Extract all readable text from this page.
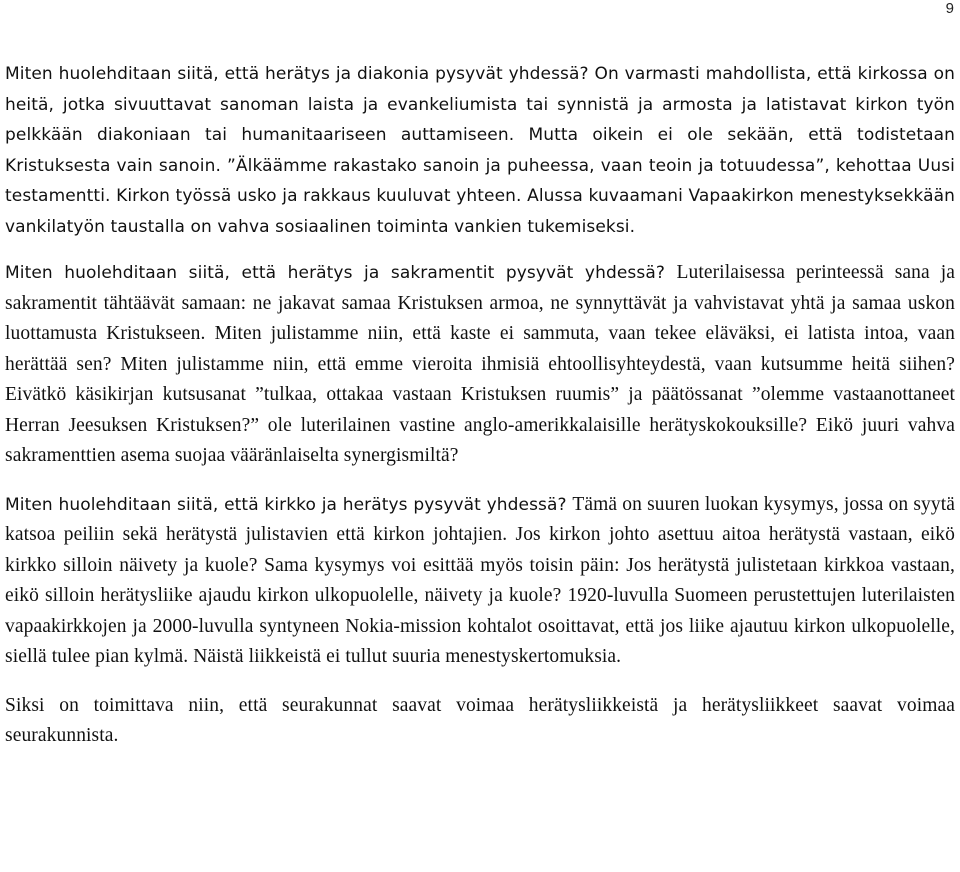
9

Miten huolehditaan siitä, että herätys ja diakonia pysyvät yhdessä? On varmasti mahdollista, että kirkossa on heitä, jotka sivuuttavat sanoman laista ja evankeliumista tai synnistä ja armosta ja latistavat kirkon työn pelkkään diakoniaan tai humanitaariseen auttamiseen. Mutta oikein ei ole sekään, että todistetaan Kristuksesta vain sanoin. ”Älkäämme rakastako sanoin ja puheessa, vaan teoin ja totuudessa”, kehottaa Uusi testamentti. Kirkon työssä usko ja rakkaus kuuluvat yhteen. Alussa kuvaamani Vapaakirkon menestyksekkään vankilatyön taustalla on vahva sosiaalinen toiminta vankien tukemiseksi.

Miten huolehditaan siitä, että herätys ja sakramentit pysyvät yhdessä? Luterilaisessa perinteessä sana ja sakramentit tähtäävät samaan: ne jakavat samaa Kristuksen armoa, ne synnyttävät ja vahvistavat yhtä ja samaa uskon luottamusta Kristukseen. Miten julistamme niin, että kaste ei sammuta, vaan tekee eläväksi, ei latista intoa, vaan herättää sen? Miten julistamme niin, että emme vieroita ihmisiä ehtoollisyhteydestä, vaan kutsumme heitä siihen? Eivätkö käsikirjan kutsusanat ”tulkaa, ottakaa vastaan Kristuksen ruumis” ja päätössanat ”olemme vastaanottaneet Herran Jeesuksen Kristuksen?” ole luterilainen vastine anglo-amerikkalaisille herätyskokouksille? Eikö juuri vahva sakramenttien asema suojaa vääränlaiselta synergismiltä?

Miten huolehditaan siitä, että kirkko ja herätys pysyvät yhdessä? Tämä on suuren luokan kysymys, jossa on syytä katsoa peiliin sekä herätystä julistavien että kirkon johtajien. Jos kirkon johto asettuu aitoa herätystä vastaan, eikö kirkko silloin näivety ja kuole? Sama kysymys voi esittää myös toisin päin: Jos herätystä julistetaan kirkkoa vastaan, eikö silloin herätysliike ajaudu kirkon ulkopuolelle, näivety ja kuole? 1920-luvulla Suomeen perustettujen luterilaisten vapaakirkkojen ja 2000-luvulla syntyneen Nokia-mission kohtalot osoittavat, että jos liike ajautuu kirkon ulkopuolelle, siellä tulee pian kylmä. Näistä liikkeistä ei tullut suuria menestyskertomuksia.

Siksi on toimittava niin, että seurakunnat saavat voimaa herätysliikkeistä ja herätysliikkeet saavat voimaa seurakunnista.
